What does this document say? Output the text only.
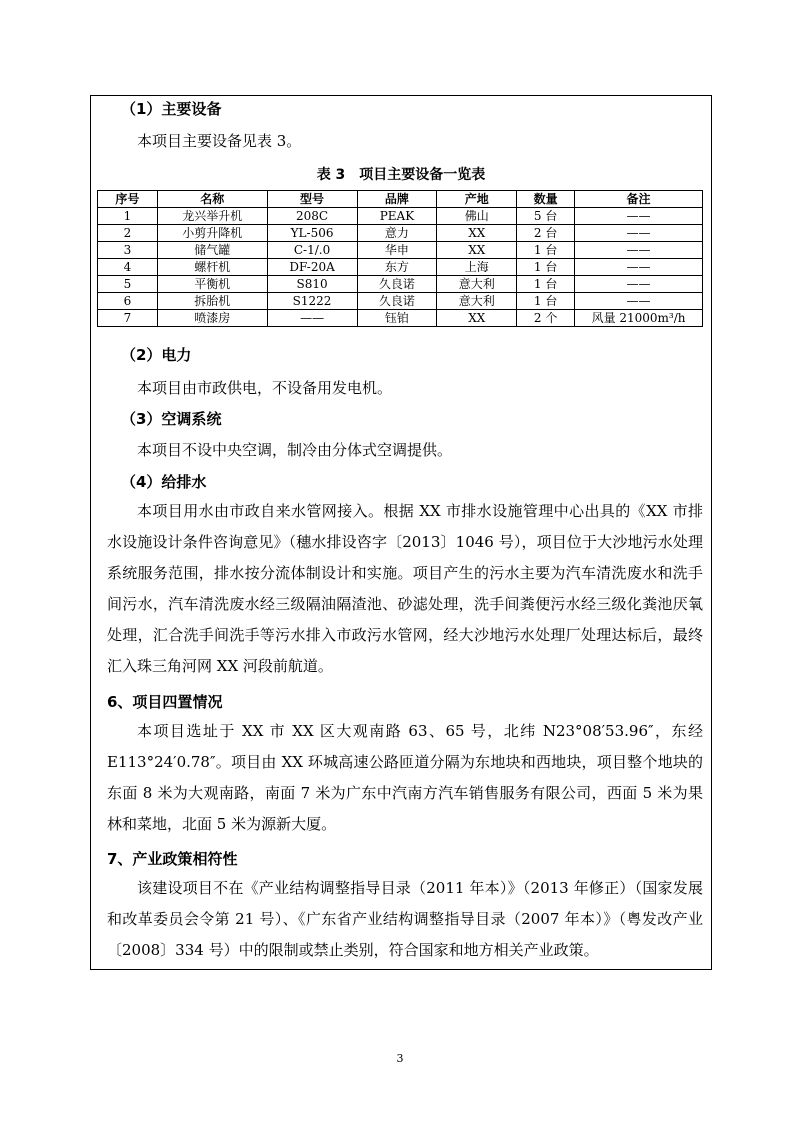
（1）主要设备
本项目主要设备见表 3。
表 3　项目主要设备一览表
序号	名称	型号	品牌	产地	数量	备注
1	龙兴举升机	208C	PEAK	佛山	5 台	——
2	小剪升降机	YL-506	意力	XX	2 台	——
3	储气罐	C-1/.0	华申	XX	1 台	——
4	螺杆机	DF-20A	东方	上海	1 台	——
5	平衡机	S810	久良诺	意大利	1 台	——
6	拆胎机	S1222	久良诺	意大利	1 台	——
7	喷漆房	——	钰铂	XX	2 个	风量 21000m³/h
（2）电力
本项目由市政供电，不设备用发电机。
（3）空调系统
本项目不设中央空调，制冷由分体式空调提供。
（4）给排水
本项目用水由市政自来水管网接入。根据 XX 市排水设施管理中心出具的《XX 市排水设施设计条件咨询意见》（穗水排设咨字〔2013〕1046 号），项目位于大沙地污水处理系统服务范围，排水按分流体制设计和实施。项目产生的污水主要为汽车清洗废水和洗手间污水，汽车清洗废水经三级隔油隔渣池、砂滤处理，洗手间粪便污水经三级化粪池厌氧处理，汇合洗手间洗手等污水排入市政污水管网，经大沙地污水处理厂处理达标后，最终汇入珠三角河网 XX 河段前航道。
6、项目四置情况
本项目选址于 XX 市 XX 区大观南路 63、65 号，北纬 N23°08′53.96″，东经 E113°24′0.78″。项目由 XX 环城高速公路匝道分隔为东地块和西地块，项目整个地块的东面 8 米为大观南路，南面 7 米为广东中汽南方汽车销售服务有限公司，西面 5 米为果林和菜地，北面 5 米为源新大厦。
7、产业政策相符性
该建设项目不在《产业结构调整指导目录（2011 年本）》（2013 年修正）（国家发展和改革委员会令第 21 号）、《广东省产业结构调整指导目录（2007 年本）》（粤发改产业〔2008〕334 号）中的限制或禁止类别，符合国家和地方相关产业政策。
3
